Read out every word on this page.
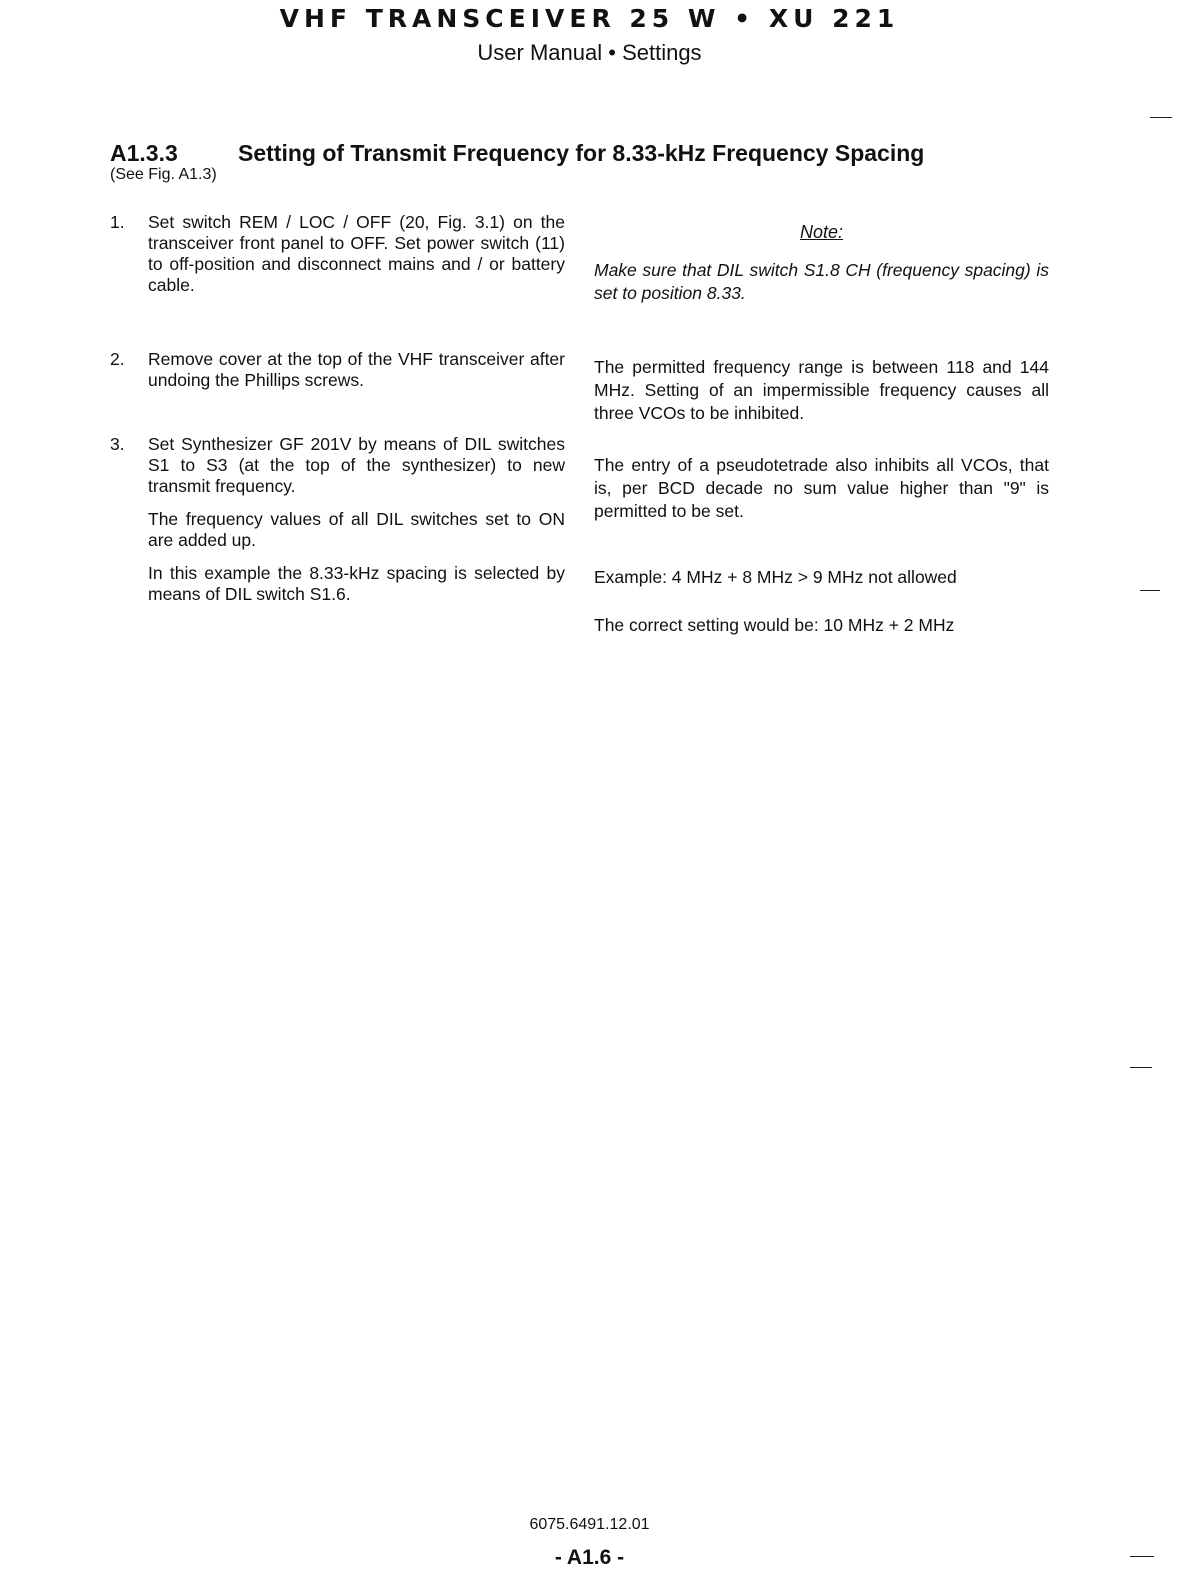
VHF TRANSCEIVER 25 W • XU 221
User Manual • Settings
A1.3.3	Setting of Transmit Frequency for 8.33-kHz Frequency Spacing
(See Fig. A1.3)
1.	Set switch REM / LOC / OFF (20, Fig. 3.1) on the transceiver front panel to OFF. Set power switch (11) to off-position and disconnect mains and / or battery cable.

2.	Remove cover at the top of the VHF transceiver after undoing the Phillips screws.

3.	Set Synthesizer GF 201V by means of DIL switches S1 to S3 (at the top of the synthesizer) to new transmit frequency.

The frequency values of all DIL switches set to ON are added up.

In this example the 8.33-kHz spacing is selected by means of DIL switch S1.6.

Note:
Make sure that DIL switch S1.8 CH (frequency spacing) is set to position 8.33.
The permitted frequency range is between 118 and 144 MHz. Setting of an impermissible frequency causes all three VCOs to be inhibited.
The entry of a pseudotetrade also inhibits all VCOs, that is, per BCD decade no sum value higher than "9" is permitted to be set.
Example: 4 MHz + 8 MHz > 9 MHz not allowed
The correct setting would be: 10 MHz + 2 MHz
6075.6491.12.01
- A1.6 -
